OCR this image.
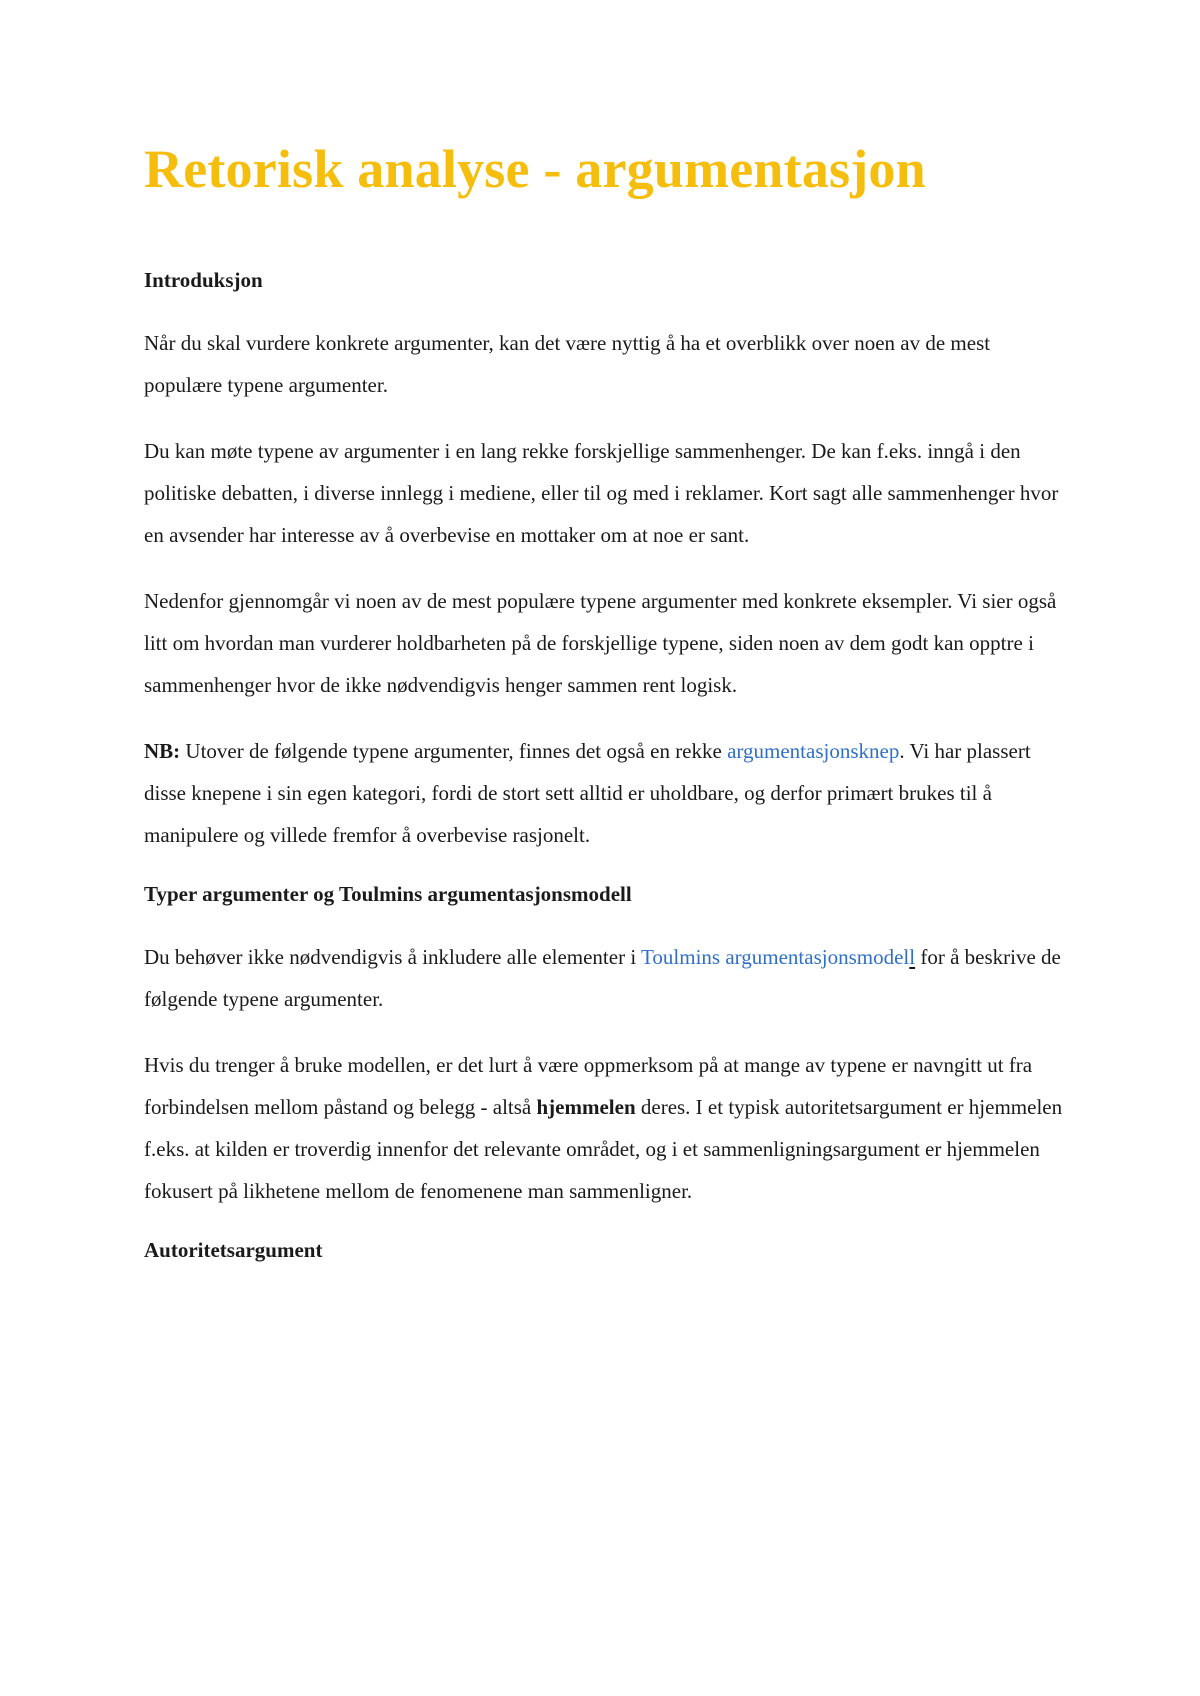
Retorisk analyse - argumentasjon
Introduksjon

Når du skal vurdere konkrete argumenter, kan det være nyttig å ha et overblikk over noen av de mest populære typene argumenter.

Du kan møte typene av argumenter i en lang rekke forskjellige sammenhenger. De kan f.eks. inngå i den politiske debatten, i diverse innlegg i mediene, eller til og med i reklamer. Kort sagt alle sammenhenger hvor en avsender har interesse av å overbevise en mottaker om at noe er sant.

Nedenfor gjennomgår vi noen av de mest populære typene argumenter med konkrete eksempler. Vi sier også litt om hvordan man vurderer holdbarheten på de forskjellige typene, siden noen av dem godt kan opptre i sammenhenger hvor de ikke nødvendigvis henger sammen rent logisk.

NB: Utover de følgende typene argumenter, finnes det også en rekke argumentasjonsknep. Vi har plassert disse knepene i sin egen kategori, fordi de stort sett alltid er uholdbare, og derfor primært brukes til å manipulere og villede fremfor å overbevise rasjonelt.

Typer argumenter og Toulmins argumentasjonsmodell

Du behøver ikke nødvendigvis å inkludere alle elementer i Toulmins argumentasjonsmodell for å beskrive de følgende typene argumenter.

Hvis du trenger å bruke modellen, er det lurt å være oppmerksom på at mange av typene er navngitt ut fra forbindelsen mellom påstand og belegg - altså hjemmelen deres. I et typisk autoritetsargument er hjemmelen f.eks. at kilden er troverdig innenfor det relevante området, og i et sammenligningsargument er hjemmelen fokusert på likhetene mellom de fenomenene man sammenligner.

Autoritetsargument
